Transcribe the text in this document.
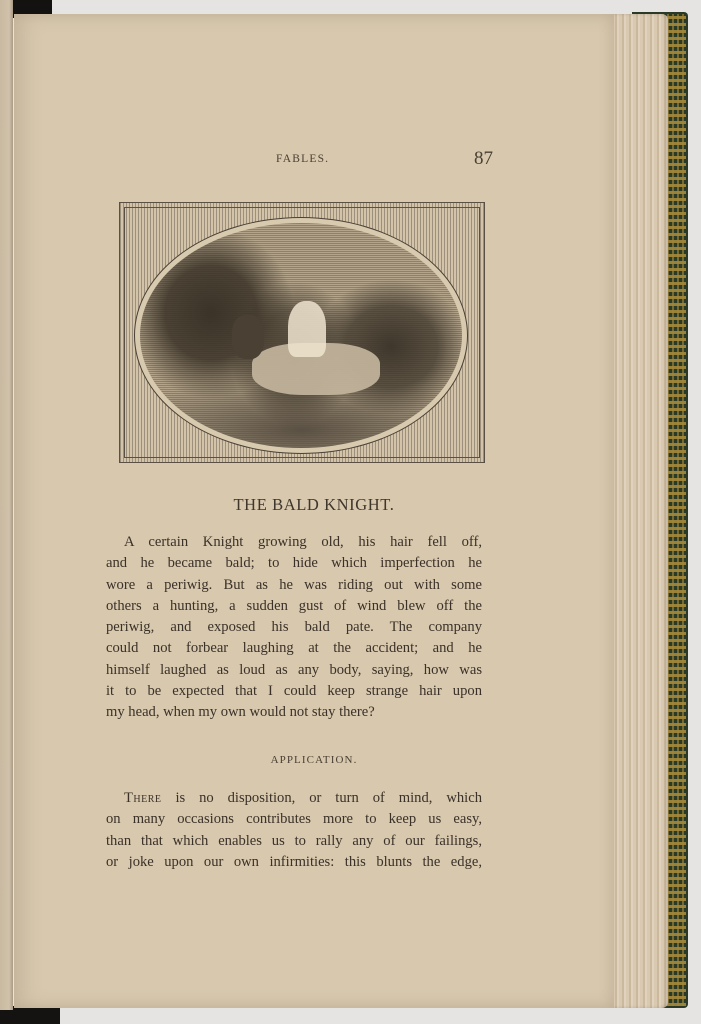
FABLES.	87
THE BALD KNIGHT.
A certain Knight growing old, his hair fell off,
and he became bald; to hide which imperfection he
wore a periwig. But as he was riding out with some
others a hunting, a sudden gust of wind blew off the
periwig, and exposed his bald pate. The company
could not forbear laughing at the accident; and he
himself laughed as loud as any body, saying, how was
it to be expected that I could keep strange hair upon
my head, when my own would not stay there?
APPLICATION.
There is no disposition, or turn of mind, which
on many occasions contributes more to keep us easy,
than that which enables us to rally any of our failings,
or joke upon our own infirmities: this blunts the edge,
